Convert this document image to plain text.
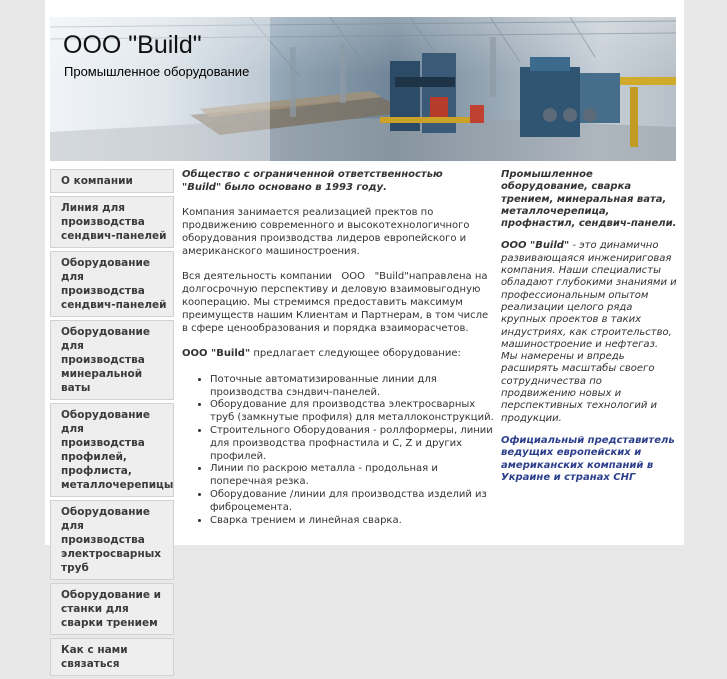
ООО "Build"

Промышленное оборудование

О компании
Линия для производства сендвич-панелей
Оборудование для производства сендвич-панелей
Оборудование для производства минеральной ваты
Оборудование для производства профилей, профлиста, металлочерепицы
Оборудование для производства электросварных труб
Оборудование и станки для сварки трением
Как с нами связаться

Общество с ограниченной ответственностью       "Build" было основано в 1993 году.

Компания занимается реализацией пректов по продвижению современного и высокотехнологичного оборудования производства лидеров европейского и американского машиностроения.

Вся деятельность компании ООО "Build"направлена на долгосрочную перспективу и деловую взаимовыгодную кооперацию. Мы стремимся предоставить максимум преимуществ нашим Клиентам и Партнерам, в том числе в сфере ценообразования и порядка взаиморасчетов.

ООО "Build" предлагает следующее оборудование:

• Поточные автоматизированные линии для производства сэндвич-панелей.
• Оборудование для производства электросварных труб (замкнутые профиля) для металлоконструкций.
• Строительного Оборудования - роллформеры, линии для производства профнастила и С, Z и других профилей.
• Линии по раскрою металла - продольная и поперечная резка.
• Оборудование /линии для производства изделий из фиброцемента.
• Сварка трением и линейная сварка.

Промышленное оборудование, сварка трением, минеральная вата, металлочерепица, профнастил, сендвич-панели.

ООО "Build" - это динамично развивающаяся инженириговая компания. Наши специалисты обладают глубокими знаниями и профессиональным опытом реализации целого ряда крупных проектов в таких индустриях, как строительство, машиностроение и нефтегаз.
Мы намерены и впредь расширять масштабы своего сотрудничества по продвижению новых и перспективных технологий и продукции.

Официальный представитель ведущих европейских и американских компаний в Украине и странах СНГ
